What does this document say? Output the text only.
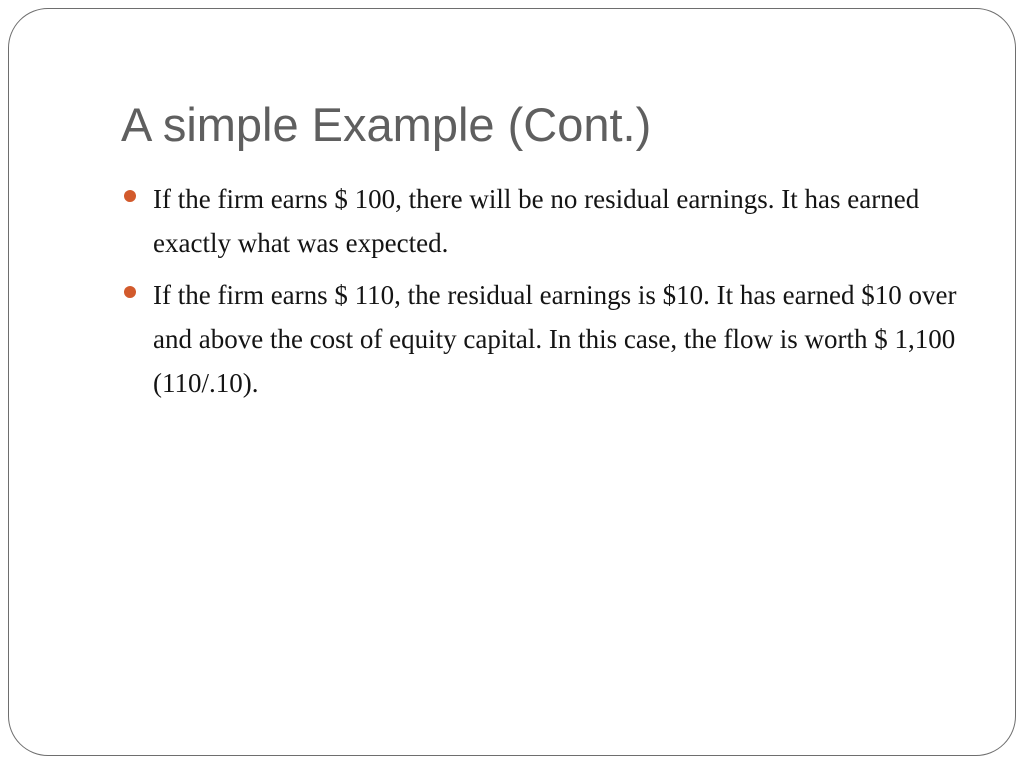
A simple Example (Cont.)
If the firm earns $ 100, there will be no residual earnings. It has earned exactly what was expected.
If the firm earns $ 110, the residual earnings is $10. It has earned $10 over and above the cost of equity capital. In this case, the flow is worth $ 1,100 (110/.10).
